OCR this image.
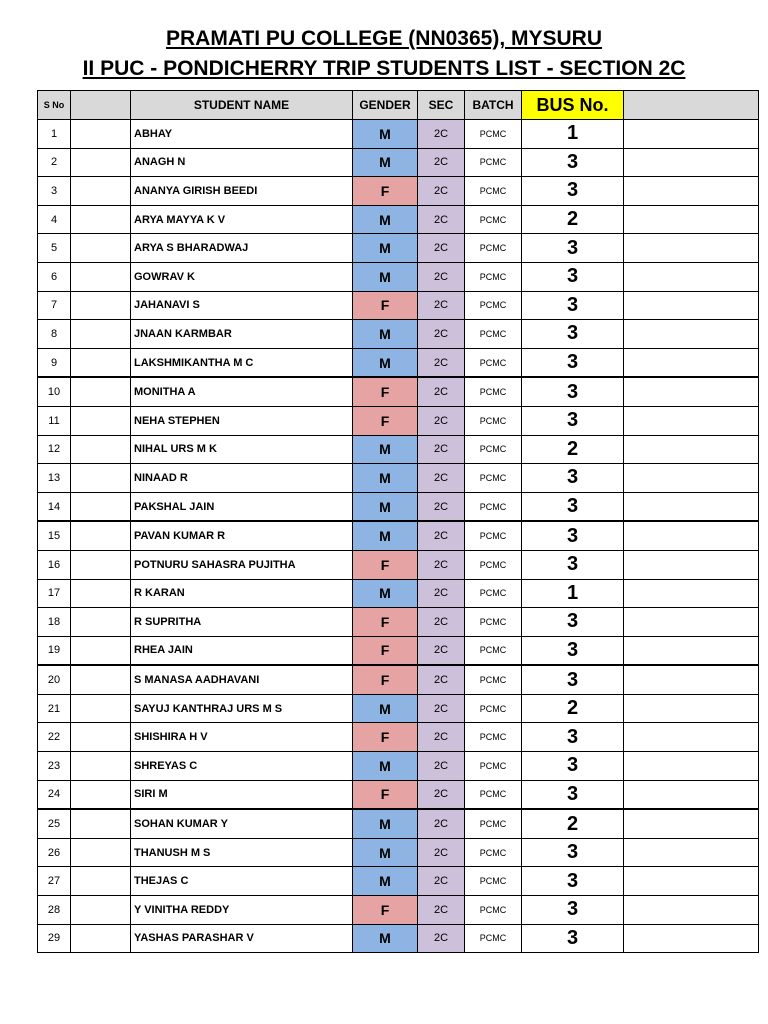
PRAMATI PU COLLEGE (NN0365), MYSURU
II PUC - PONDICHERRY TRIP STUDENTS LIST - SECTION 2C
S No		STUDENT NAME	GENDER	SEC	BATCH	BUS No.	
1		ABHAY	M	2C	PCMC	1	
2		ANAGH N	M	2C	PCMC	3	
3		ANANYA GIRISH BEEDI	F	2C	PCMC	3	
4		ARYA MAYYA K V	M	2C	PCMC	2	
5		ARYA S BHARADWAJ	M	2C	PCMC	3	
6		GOWRAV K	M	2C	PCMC	3	
7		JAHANAVI S	F	2C	PCMC	3	
8		JNAAN KARMBAR	M	2C	PCMC	3	
9		LAKSHMIKANTHA M C	M	2C	PCMC	3	
10		MONITHA A	F	2C	PCMC	3	
11		NEHA STEPHEN	F	2C	PCMC	3	
12		NIHAL URS M K	M	2C	PCMC	2	
13		NINAAD R	M	2C	PCMC	3	
14		PAKSHAL JAIN	M	2C	PCMC	3	
15		PAVAN KUMAR R	M	2C	PCMC	3	
16		POTNURU SAHASRA PUJITHA	F	2C	PCMC	3	
17		R KARAN	M	2C	PCMC	1	
18		R SUPRITHA	F	2C	PCMC	3	
19		RHEA JAIN	F	2C	PCMC	3	
20		S MANASA AADHAVANI	F	2C	PCMC	3	
21		SAYUJ KANTHRAJ URS M S	M	2C	PCMC	2	
22		SHISHIRA H V	F	2C	PCMC	3	
23		SHREYAS C	M	2C	PCMC	3	
24		SIRI M	F	2C	PCMC	3	
25		SOHAN KUMAR Y	M	2C	PCMC	2	
26		THANUSH M S	M	2C	PCMC	3	
27		THEJAS C	M	2C	PCMC	3	
28		Y VINITHA REDDY	F	2C	PCMC	3	
29		YASHAS PARASHAR V	M	2C	PCMC	3	
